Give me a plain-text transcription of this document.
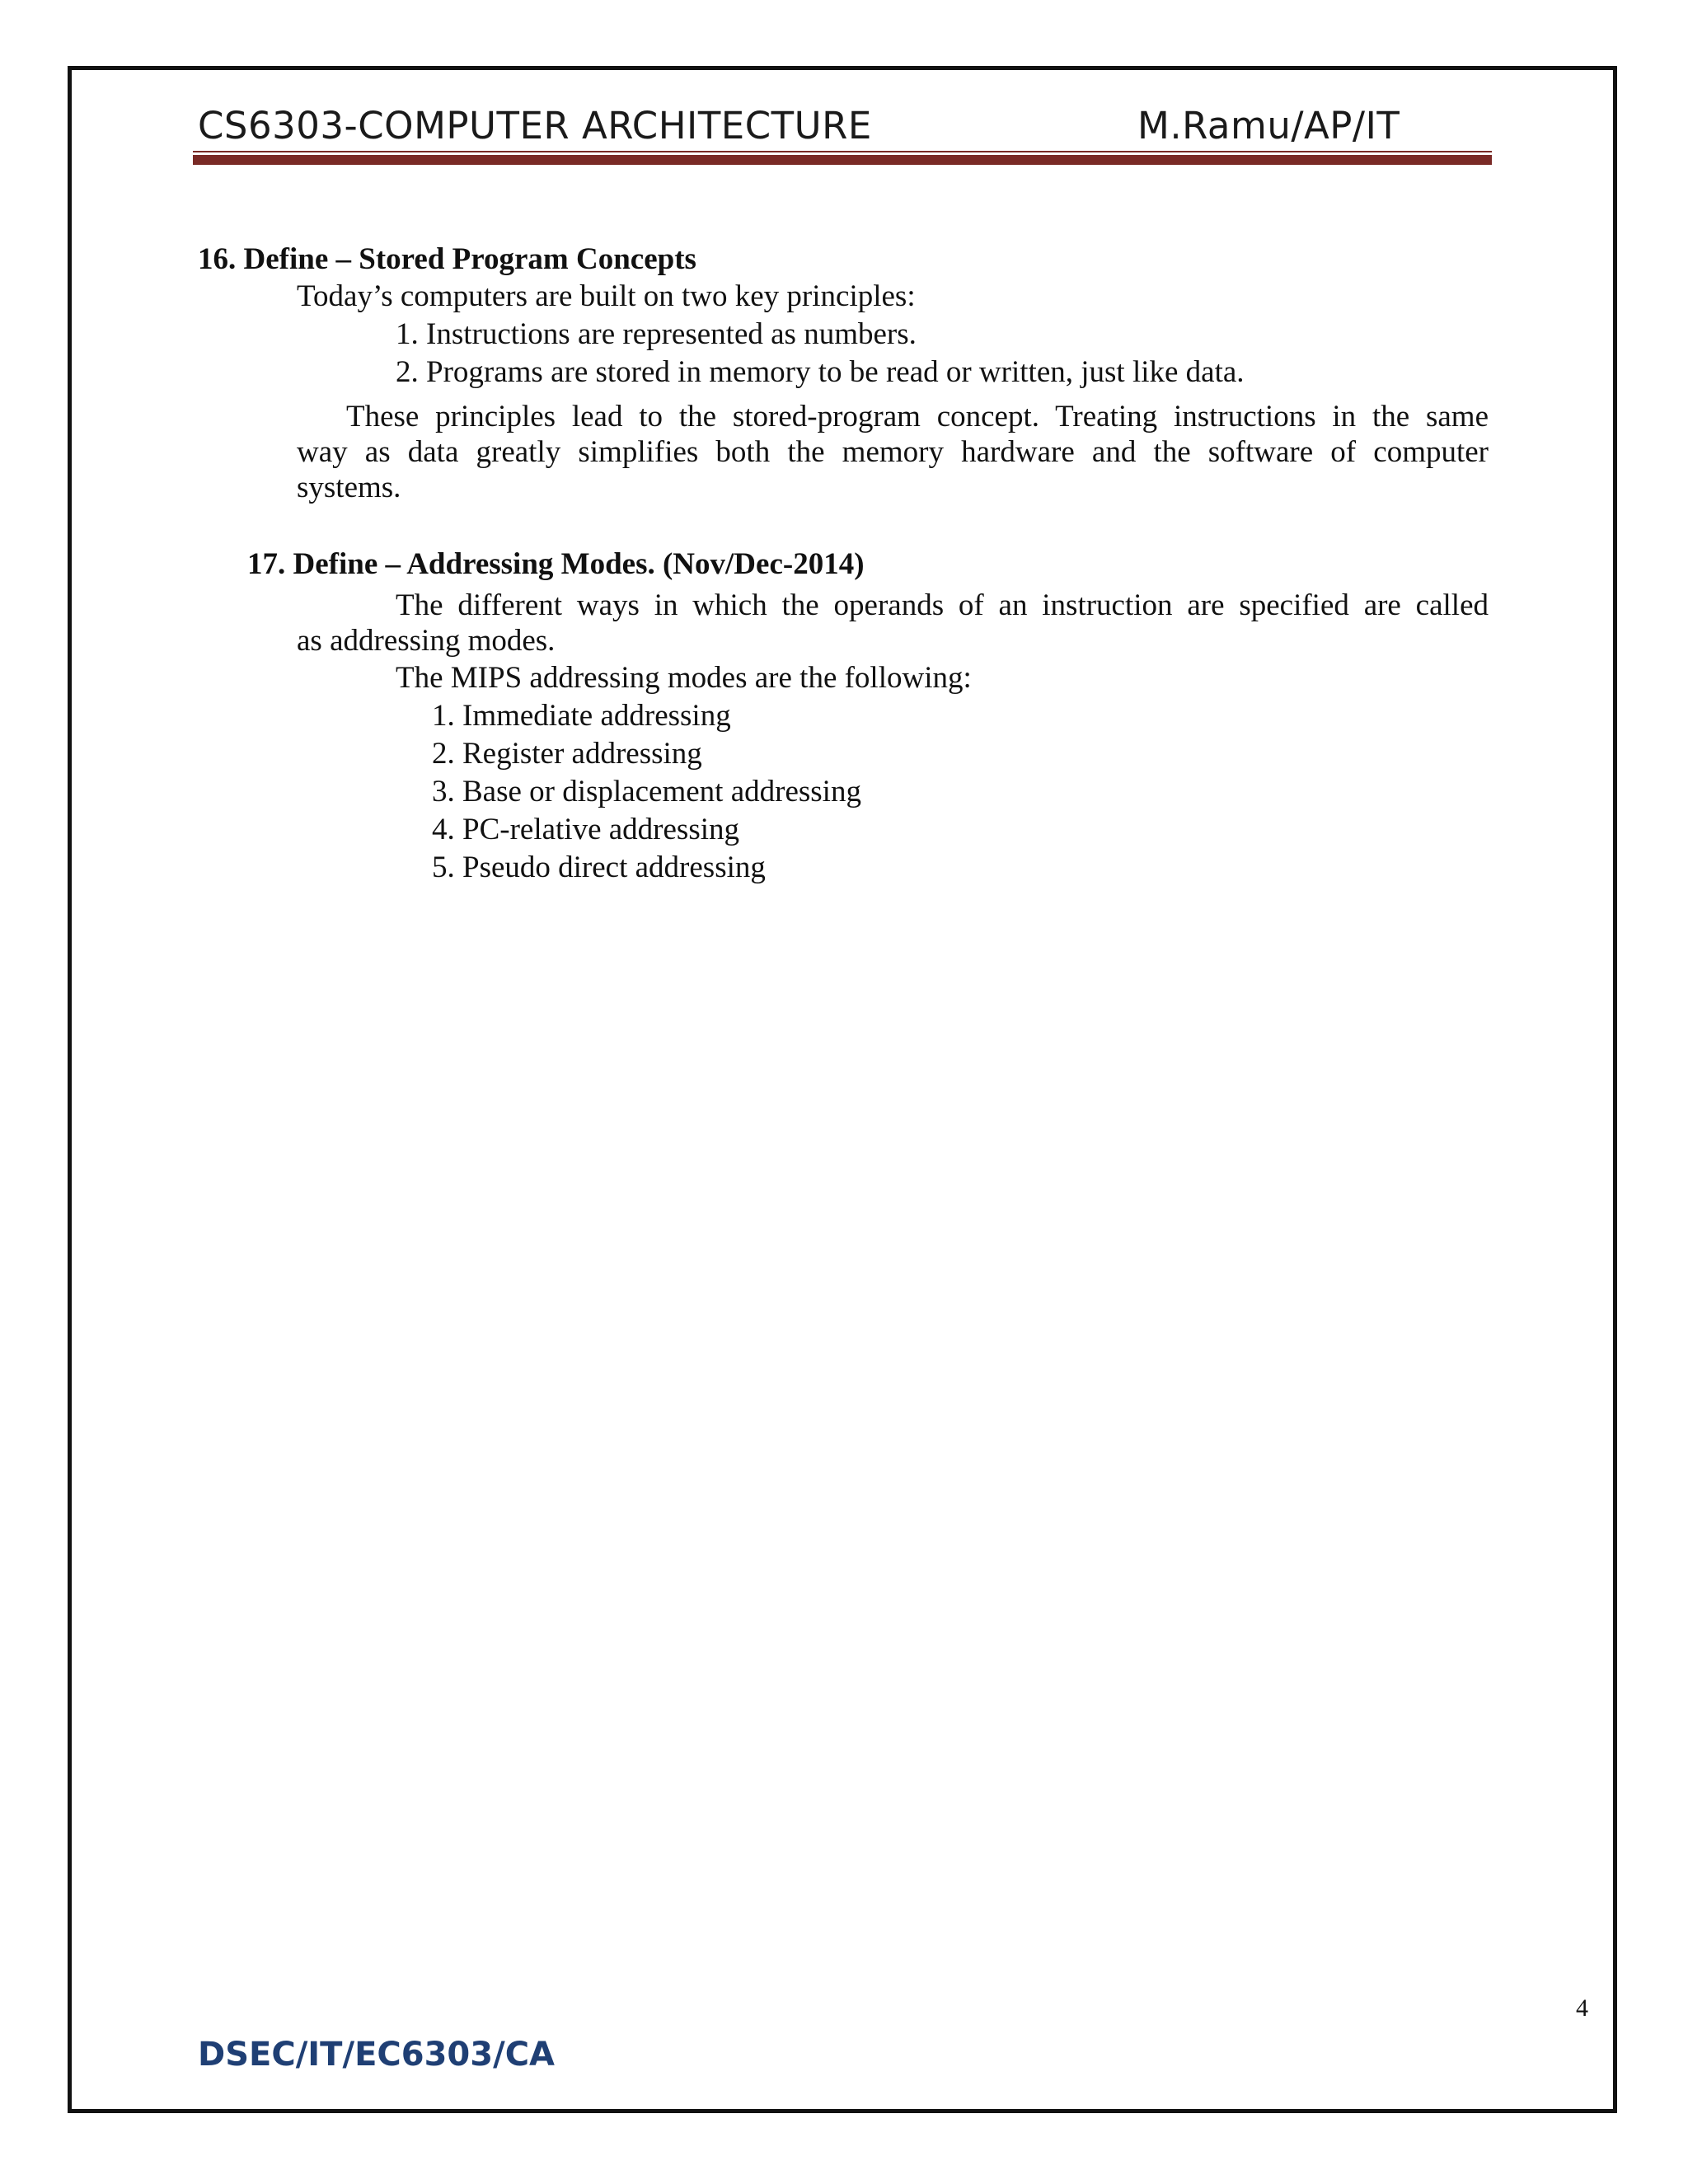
CS6303-COMPUTER ARCHITECTURE	M.Ramu/AP/IT
16. Define – Stored Program Concepts
Today’s computers are built on two key principles:
1. Instructions are represented as numbers.
2. Programs are stored in memory to be read or written, just like data.
These principles lead to the stored-program concept. Treating instructions in the same
way as data greatly simplifies both the memory hardware and the software of computer
systems.
17. Define – Addressing Modes. (Nov/Dec-2014)
The different ways in which the operands of an instruction are specified are called
as addressing modes.
The MIPS addressing modes are the following:
1. Immediate addressing
2. Register addressing
3. Base or displacement addressing
4. PC-relative addressing
5. Pseudo direct addressing
4
DSEC/IT/EC6303/CA
